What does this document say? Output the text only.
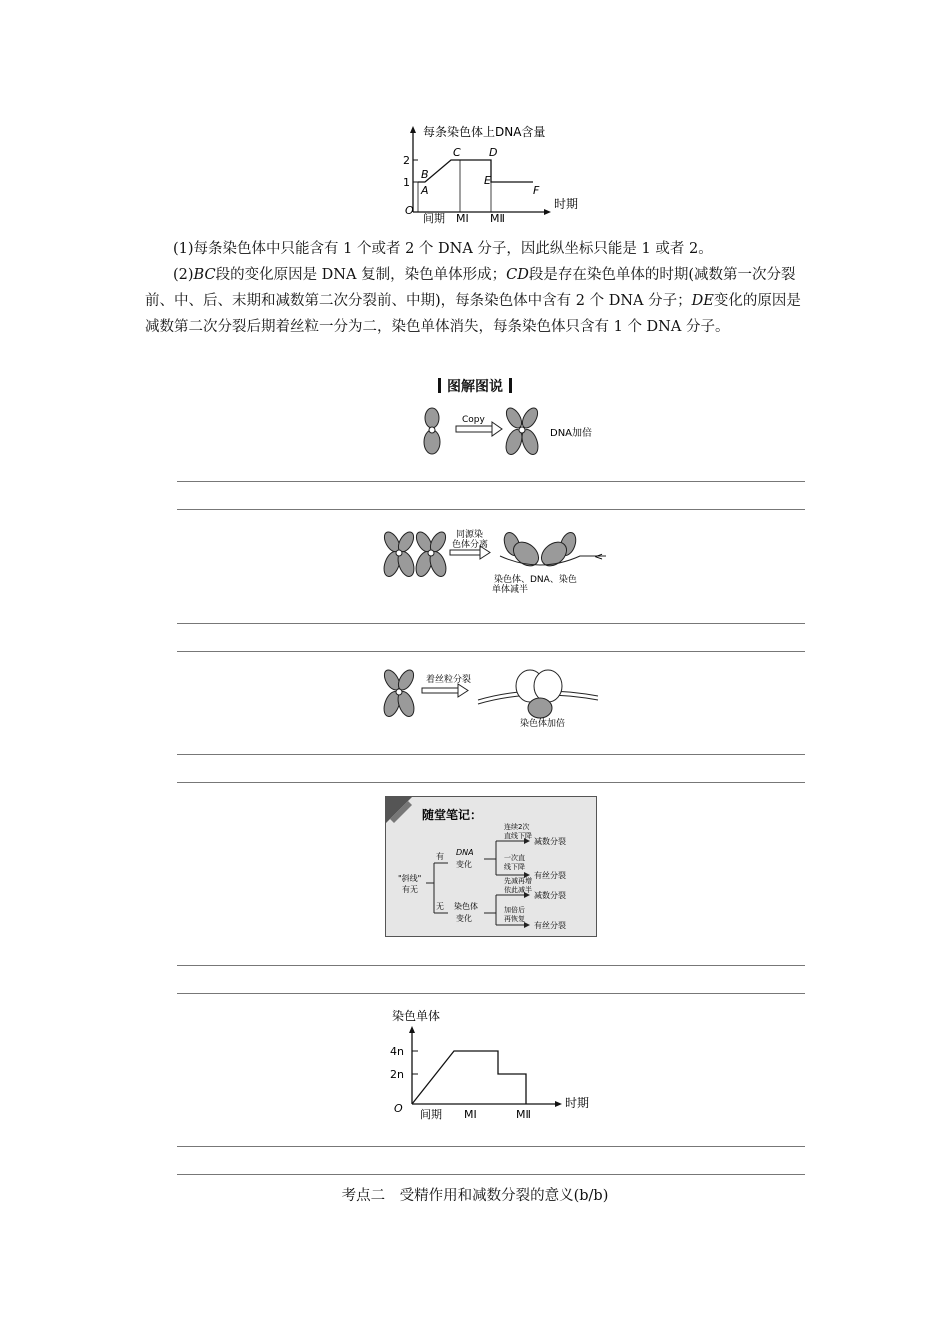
每条染色体上DNA含量
时期
2
1
O
A
B
C	D
E
F
间期 MⅠ MⅡ
(1)每条染色体中只能含有 1 个或者 2 个 DNA 分子，因此纵坐标只能是 1 或者 2。
(2)BC段的变化原因是 DNA 复制，染色单体形成；CD段是存在染色单体的时期(减数第一次分裂前、中、后、末期和减数第二次分裂前、中期)，每条染色体中含有 2 个 DNA 分子；DE变化的原因是减数第二次分裂后期着丝粒一分为二，染色单体消失，每条染色体只含有 1 个 DNA 分子。
图解图说
Copy
DNA加倍
同源染
色体分离
<
染色体、DNA、染色
单体减半
着丝粒分裂
染色体加倍
随堂笔记：
"斜线"
有无
有
无
DNA
变化
染色体
变化
连续2次
直线下降
一次直
线下降
先减再增
依此减半
加倍后
再恢复
减数分裂
有丝分裂
减数分裂
有丝分裂
染色单体
时期
4n
2n
O 间期 MⅠ	MⅡ
考点二　受精作用和减数分裂的意义(b/b)
